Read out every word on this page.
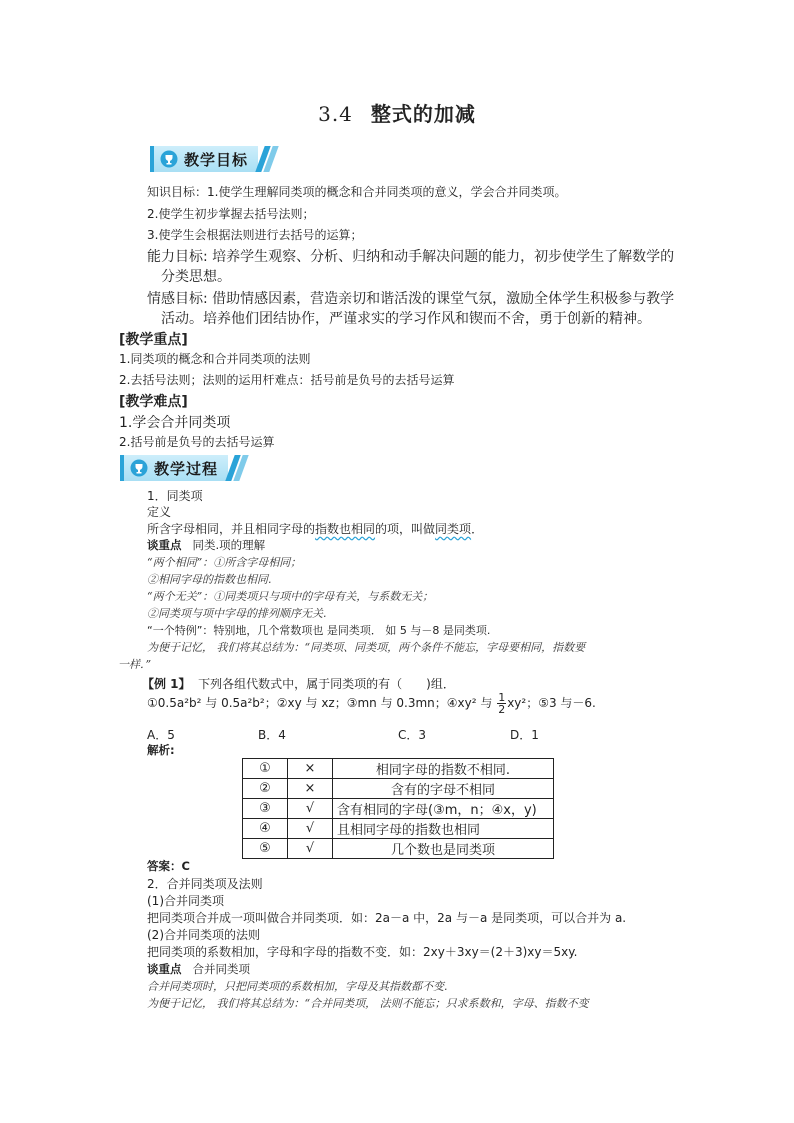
3.4 整式的加减
教学目标
知识目标：1.使学生理解同类项的概念和合并同类项的意义，学会合并同类项。
2.使学生初步掌握去括号法则；
3.使学生会根据法则进行去括号的运算；
能力目标: 培养学生观察、分析、归纳和动手解决问题的能力，初步使学生了解数学的
分类思想。
情感目标: 借助情感因素，营造亲切和谐活泼的课堂气氛，激励全体学生积极参与教学
活动。培养他们团结协作，严谨求实的学习作风和锲而不舍，勇于创新的精神。
[教学重点]
1.同类项的概念和合并同类项的法则
2.去括号法则；法则的运用杆难点：括号前是负号的去括号运算
[教学难点]
1.学会合并同类项
2.括号前是负号的去括号运算
教学过程
1．同类项
定义
所含字母相同，并且相同字母的指数也相同的项，叫做同类项．
谈重点 同类.项的理解
“两个相同”：①所含字母相同；
②相同字母的指数也相同.
“两个无关”：①同类项只与项中的字母有关，与系数无关；
②同类项与项中字母的排列顺序无关.
“一个特例”：特别地，几个常数项也 是同类项． 如 5 与－8 是同类项.
为便于记忆， 我们将其总结为：“同类项、同类项，两个条件不能忘，字母要相同，指数要
一样．”
【例 1】 下列各组代数式中，属于同类项的有（　　)组．
①0.5a²b² 与 0.5a²b²；②xy 与 xz；③mn 与 0.3mn；④xy² 与 $\frac{1}{2} xy^2$；⑤3 与－6.
A．5	B．4	C．3	D．1
解析:
①	×	相同字母的指数不相同.
②	×	含有的字母不相同
③	√	含有相同的字母(③m，n；④x，y)
④	√	且相同字母的指数也相同
⑤	√	几个数也是同类项
答案：C
2．合并同类项及法则
(1)合并同类项
把同类项合并成一项叫做合并同类项．如：2a－a 中，2a 与－a 是同类项，可以合并为 a.
(2)合并同类项的法则
把同类项的系数相加，字母和字母的指数不变．如：2xy＋3xy＝(2＋3)xy＝5xy.
谈重点 合并同类项
合并同类项时，只把同类项的系数相加，字母及其指数都不变.
为便于记忆， 我们将其总结为：“合并同类项， 法则不能忘；只求系数和，字母、指数不变
